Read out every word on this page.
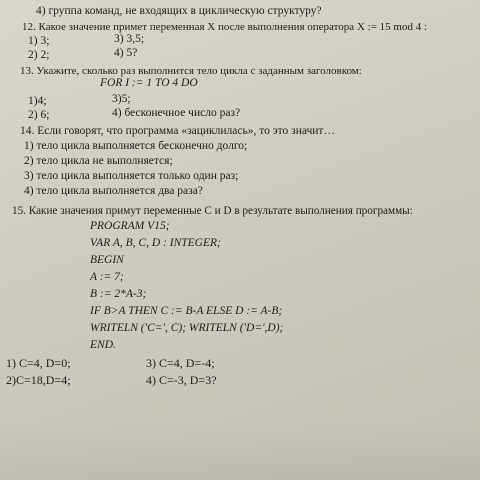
4) группа команд, не входящих в циклическую структуру?
12. Какое значение примет переменная X после выполнения оператора X := 15 mod 4 :
1) 3;	3) 3,5;
2) 2;	4) 5?
13. Укажите, сколько раз выполнится тело цикла с заданным заголовком:
FOR I := 1 TO 4 DO
1)4;	3)5;
2) 6;	4) бесконечное число раз?
14. Если говорят, что программа «зациклилась», то это значит…
1) тело цикла выполняется бесконечно долго;
2) тело цикла не выполняется;
3) тело цикла выполняется только один раз;
4) тело цикла выполняется два раза?
15. Какие значения примут переменные C и D в результате выполнения программы:
PROGRAM V15;
VAR A, B, C, D : INTEGER;
BEGIN
A := 7;
B := 2*A-3;
IF B>A THEN C := B-A ELSE D := A-B;
WRITELN ('C=', C); WRITELN ('D=',D);
END.
1) C=4, D=0;	3) C=4, D=-4;
2)C=18,D=4;	4) C=-3, D=3?
